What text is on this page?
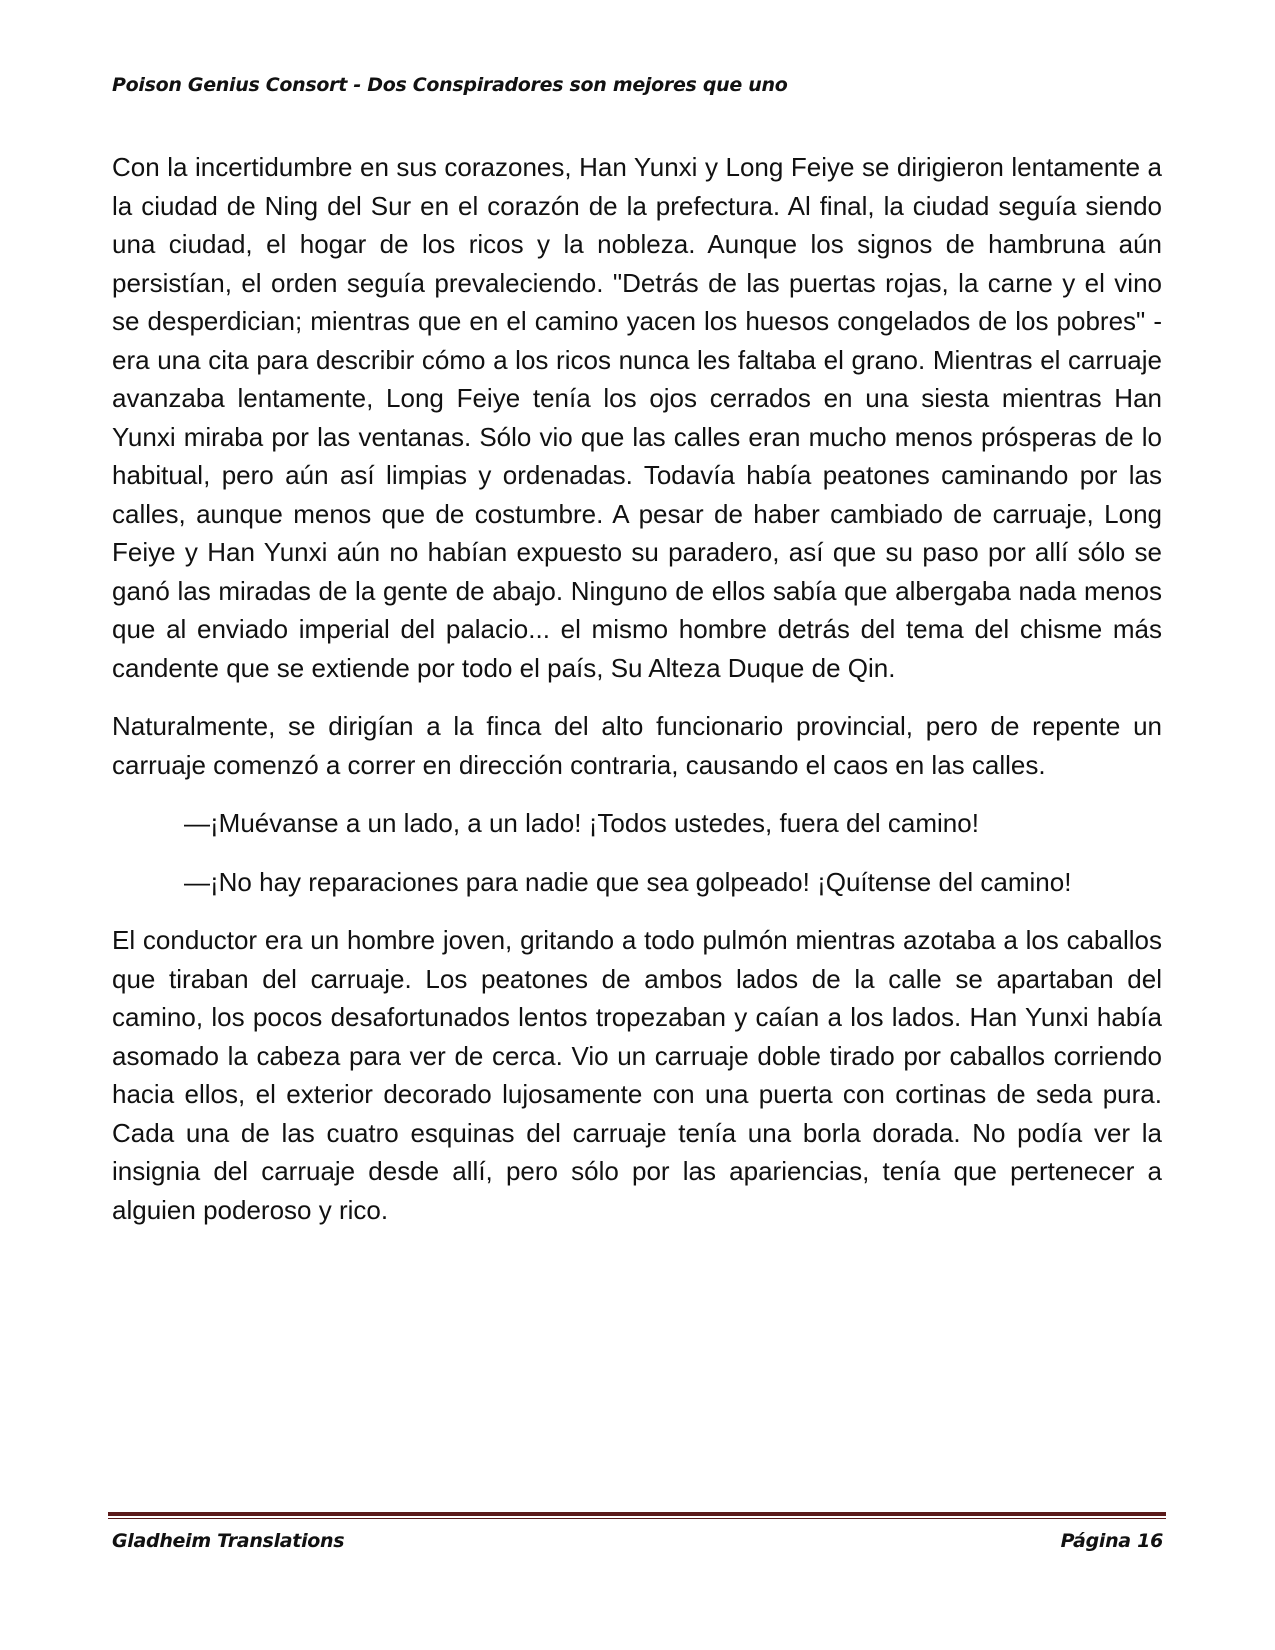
Poison Genius Consort - Dos Conspiradores son mejores que uno

Con la incertidumbre en sus corazones, Han Yunxi y Long Feiye se dirigieron lentamente a la ciudad de Ning del Sur en el corazón de la prefectura. Al final, la ciudad seguía siendo una ciudad, el hogar de los ricos y la nobleza. Aunque los signos de hambruna aún persistían, el orden seguía prevaleciendo. "Detrás de las puertas rojas, la carne y el vino se desperdician; mientras que en el camino yacen los huesos congelados de los pobres" - era una cita para describir cómo a los ricos nunca les faltaba el grano. Mientras el carruaje avanzaba lentamente, Long Feiye tenía los ojos cerrados en una siesta mientras Han Yunxi miraba por las ventanas. Sólo vio que las calles eran mucho menos prósperas de lo habitual, pero aún así limpias y ordenadas. Todavía había peatones caminando por las calles, aunque menos que de costumbre. A pesar de haber cambiado de carruaje, Long Feiye y Han Yunxi aún no habían expuesto su paradero, así que su paso por allí sólo se ganó las miradas de la gente de abajo. Ninguno de ellos sabía que albergaba nada menos que al enviado imperial del palacio... el mismo hombre detrás del tema del chisme más candente que se extiende por todo el país, Su Alteza Duque de Qin.

Naturalmente, se dirigían a la finca del alto funcionario provincial, pero de repente un carruaje comenzó a correr en dirección contraria, causando el caos en las calles.

—¡Muévanse a un lado, a un lado! ¡Todos ustedes, fuera del camino!

—¡No hay reparaciones para nadie que sea golpeado! ¡Quítense del camino!

El conductor era un hombre joven, gritando a todo pulmón mientras azotaba a los caballos que tiraban del carruaje. Los peatones de ambos lados de la calle se apartaban del camino, los pocos desafortunados lentos tropezaban y caían a los lados. Han Yunxi había asomado la cabeza para ver de cerca. Vio un carruaje doble tirado por caballos corriendo hacia ellos, el exterior decorado lujosamente con una puerta con cortinas de seda pura. Cada una de las cuatro esquinas del carruaje tenía una borla dorada. No podía ver la insignia del carruaje desde allí, pero sólo por las apariencias, tenía que pertenecer a alguien poderoso y rico.

Gladheim Translations	Página 16
